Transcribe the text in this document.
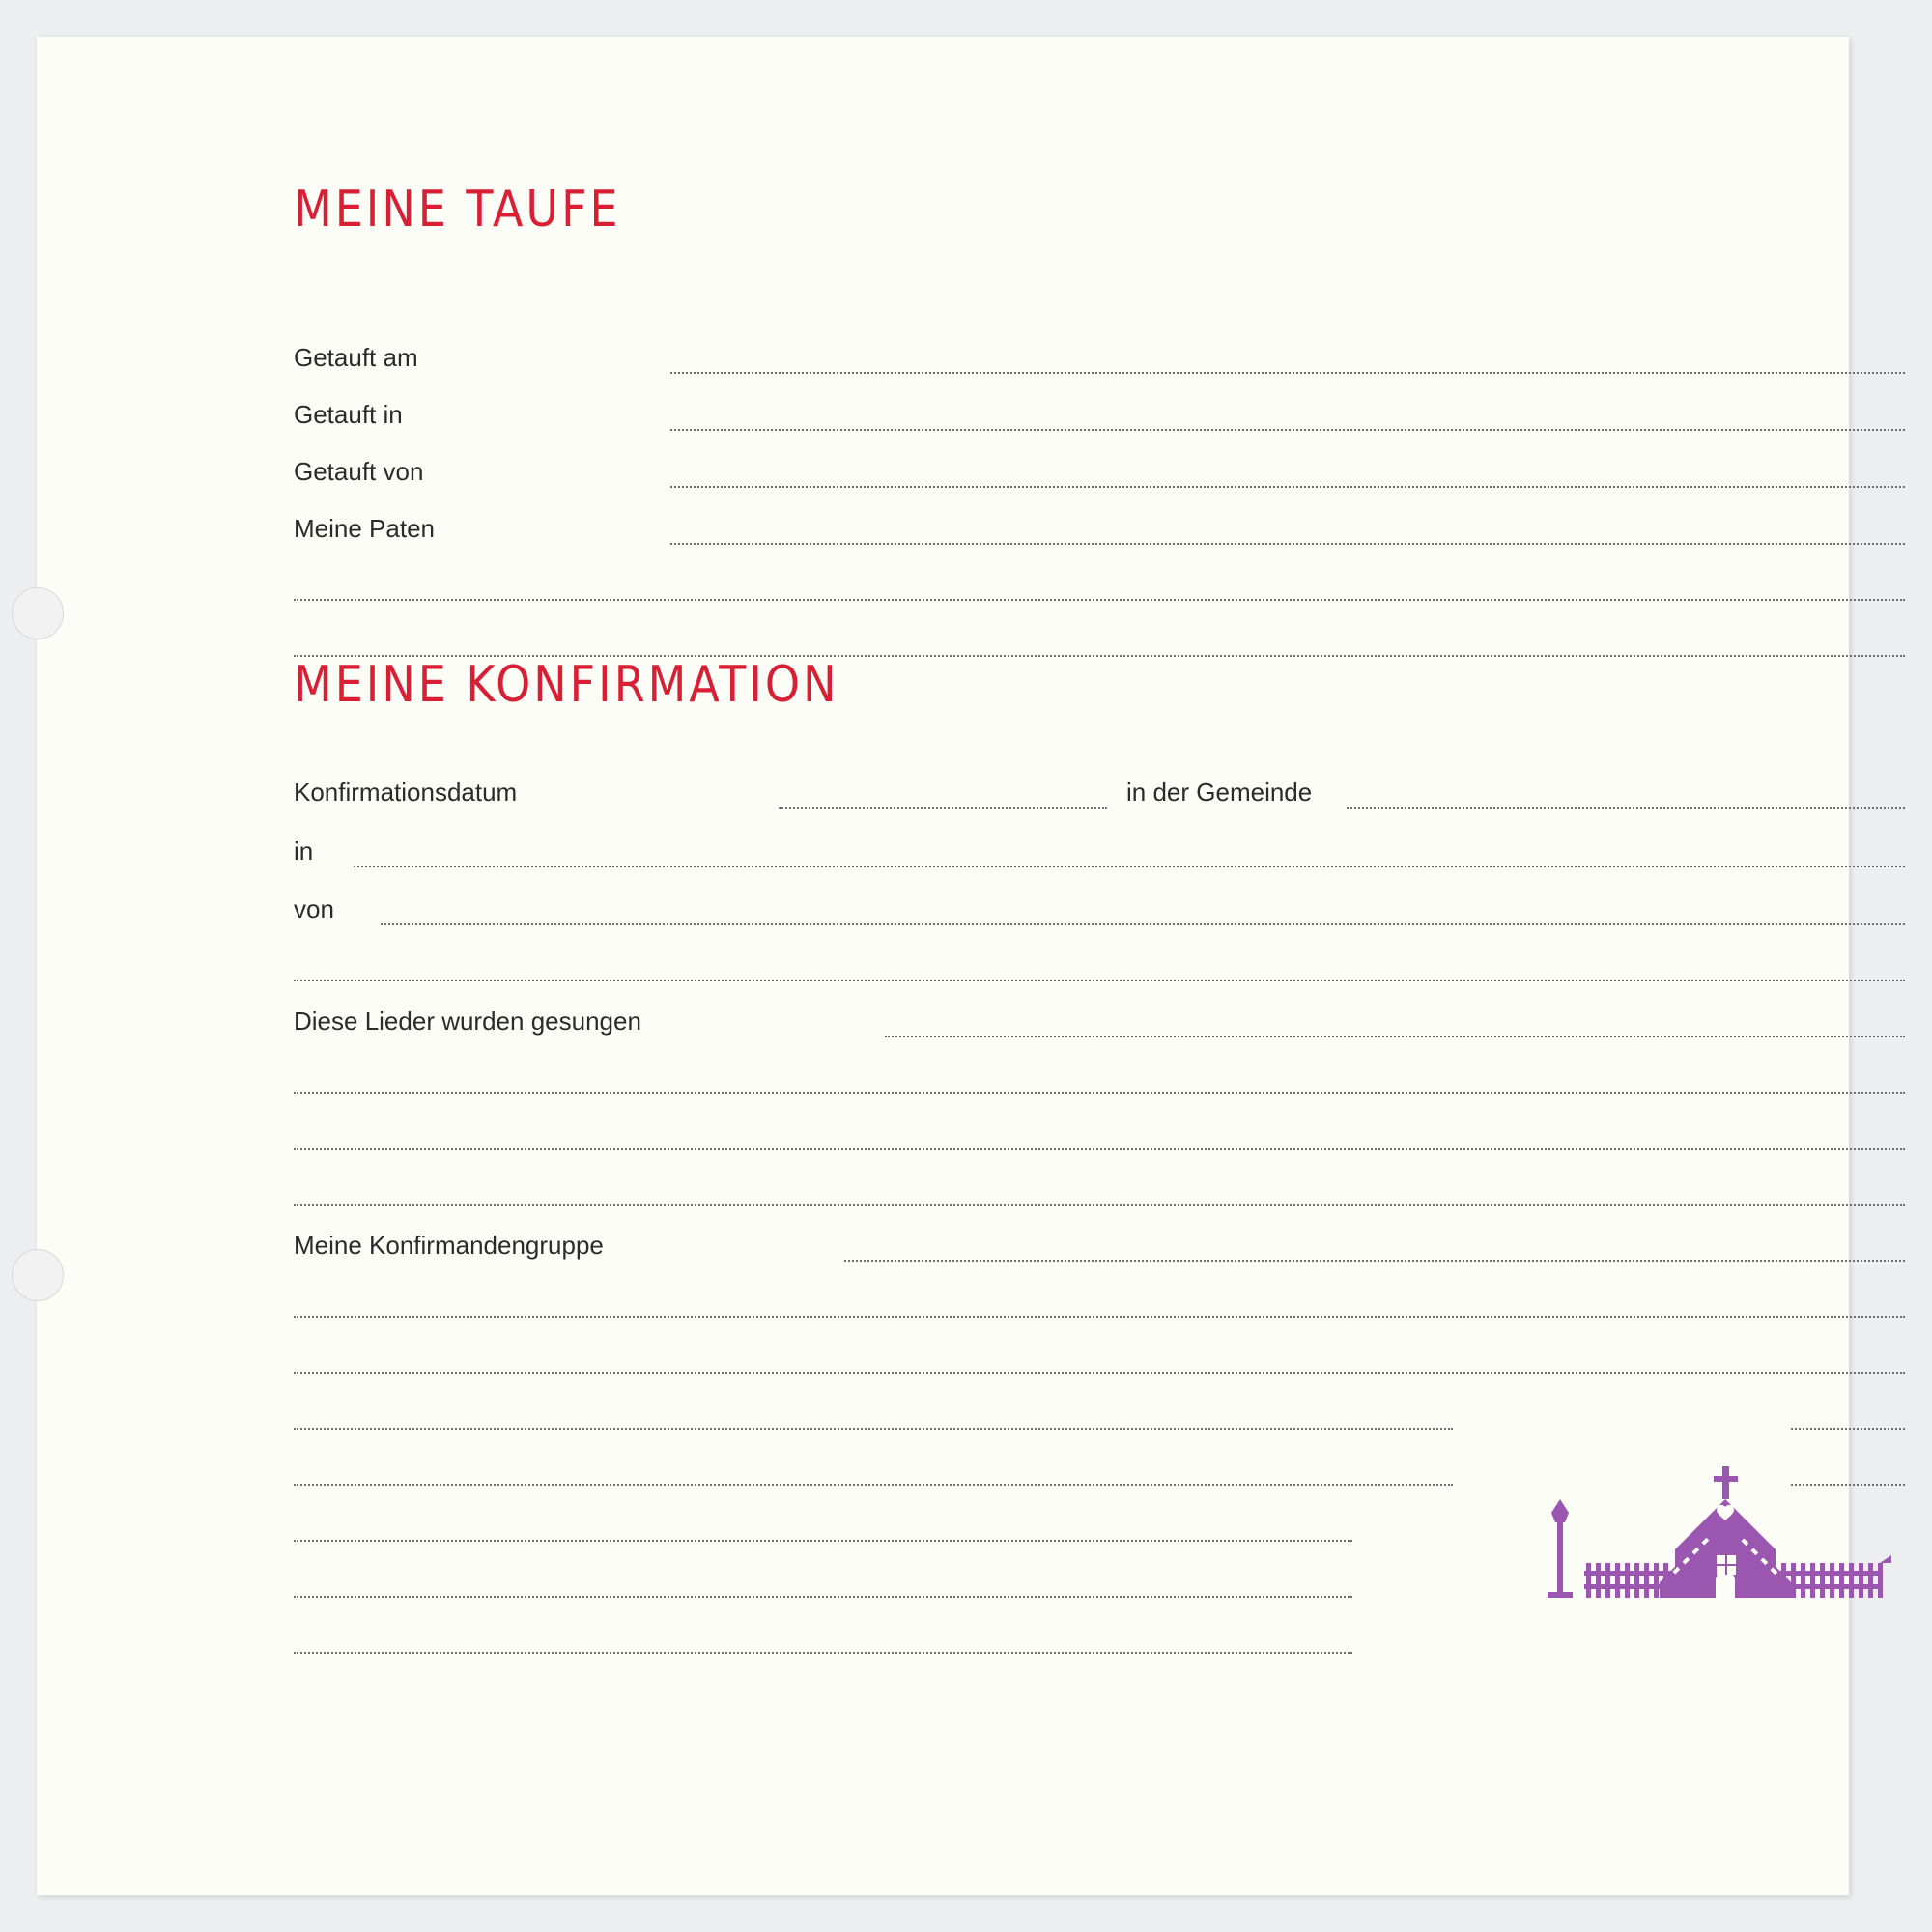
MEINE TAUFE
Getauft am
Getauft in
Getauft von
Meine Paten
MEINE KONFIRMATION
Konfirmationsdatum	in der Gemeinde
in
von
Diese Lieder wurden gesungen
Meine Konfirmandengruppe
